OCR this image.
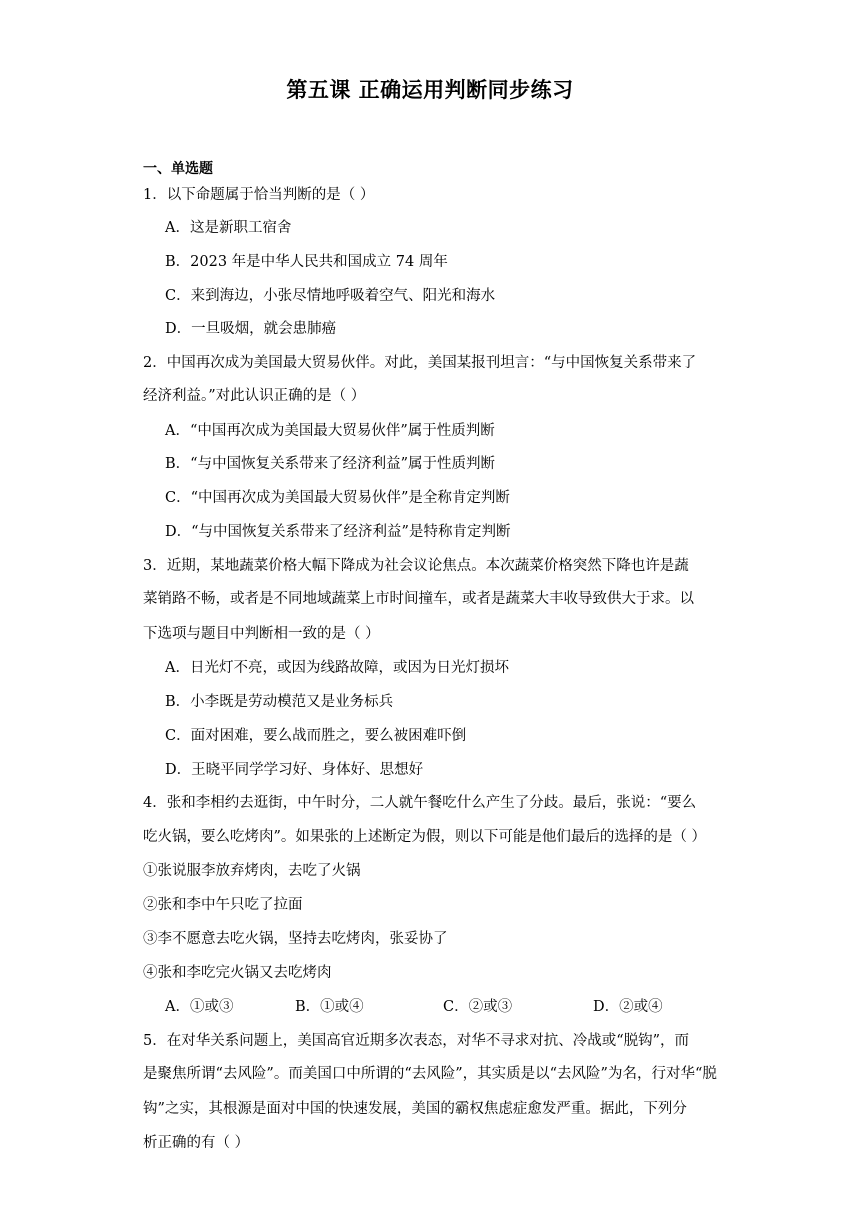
第五课 正确运用判断同步练习
一、单选题
1．以下命题属于恰当判断的是（ ）
A．这是新职工宿舍
B．2023 年是中华人民共和国成立 74 周年
C．来到海边，小张尽情地呼吸着空气、阳光和海水
D．一旦吸烟，就会患肺癌
2．中国再次成为美国最大贸易伙伴。对此，美国某报刊坦言：“与中国恢复关系带来了
经济利益。”对此认识正确的是（ ）
A．“中国再次成为美国最大贸易伙伴”属于性质判断
B．“与中国恢复关系带来了经济利益”属于性质判断
C．“中国再次成为美国最大贸易伙伴”是全称肯定判断
D．“与中国恢复关系带来了经济利益”是特称肯定判断
3．近期，某地蔬菜价格大幅下降成为社会议论焦点。本次蔬菜价格突然下降也许是蔬
菜销路不畅，或者是不同地域蔬菜上市时间撞车，或者是蔬菜大丰收导致供大于求。以
下选项与题目中判断相一致的是（ ）
A．日光灯不亮，或因为线路故障，或因为日光灯损坏
B．小李既是劳动模范又是业务标兵
C．面对困难，要么战而胜之，要么被困难吓倒
D．王晓平同学学习好、身体好、思想好
4．张和李相约去逛街，中午时分，二人就午餐吃什么产生了分歧。最后，张说：“要么
吃火锅，要么吃烤肉”。如果张的上述断定为假，则以下可能是他们最后的选择的是（ ）
①张说服李放弃烤肉，去吃了火锅
②张和李中午只吃了拉面
③李不愿意去吃火锅，坚持去吃烤肉，张妥协了
④张和李吃完火锅又去吃烤肉
A．①或③	B．①或④	C．②或③	D．②或④
5．在对华关系问题上，美国高官近期多次表态，对华不寻求对抗、冷战或“脱钩”，而
是聚焦所谓“去风险”。而美国口中所谓的“去风险”，其实质是以“去风险”为名，行对华“脱
钩”之实，其根源是面对中国的快速发展，美国的霸权焦虑症愈发严重。据此，下列分
析正确的有（ ）
